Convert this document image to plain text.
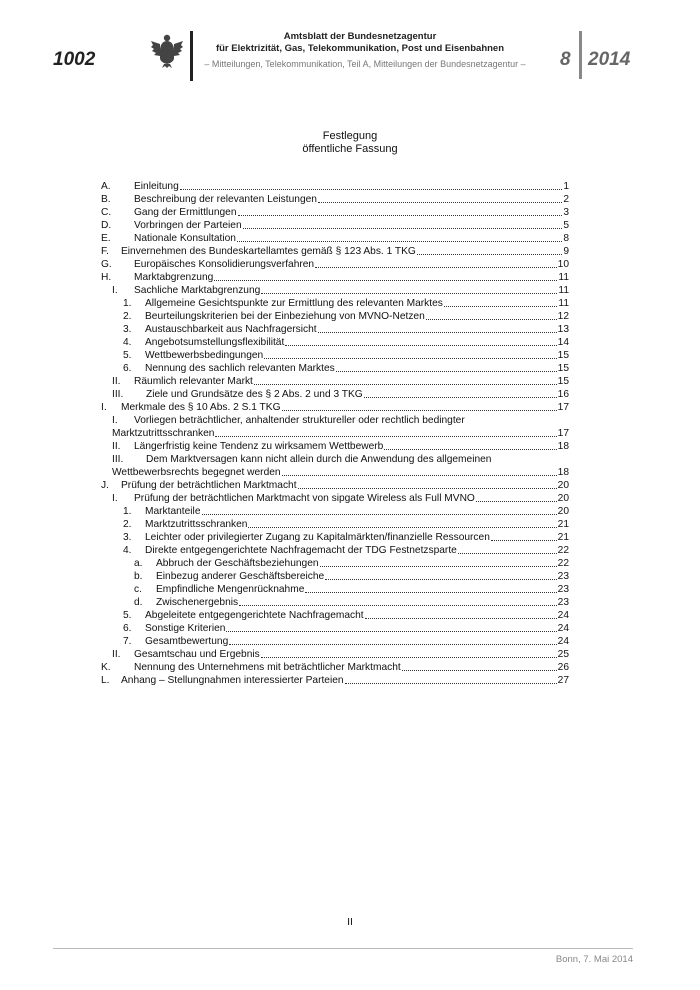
1002
Amtsblatt der Bundesnetzagentur
für Elektrizität, Gas, Telekommunikation, Post und Eisenbahnen
– Mitteilungen, Telekommunikation, Teil A, Mitteilungen der Bundesnetzagentur –	8 2014
Festlegung
öffentliche Fassung
A.	Einleitung	1
B.	Beschreibung der relevanten Leistungen	2
C.	Gang der Ermittlungen	3
D.	Vorbringen der Parteien	5
E.	Nationale Konsultation	8
F.	Einvernehmen des Bundeskartellamtes gemäß § 123 Abs. 1 TKG	9
G.	Europäisches Konsolidierungsverfahren	10
H.	Marktabgrenzung	11
I.	Sachliche Marktabgrenzung	11
1.	Allgemeine Gesichtspunkte zur Ermittlung des relevanten Marktes	11
2.	Beurteilungskriterien bei der Einbeziehung von MVNO-Netzen	12
3.	Austauschbarkeit aus Nachfragersicht	13
4.	Angebotsumstellungsflexibilität	14
5.	Wettbewerbsbedingungen	15
6.	Nennung des sachlich relevanten Marktes	15
II.	Räumlich relevanter Markt	15
III.	Ziele und Grundsätze des § 2 Abs. 2 und 3 TKG	16
I.	Merkmale des § 10 Abs. 2 S.1 TKG	17
I. Vorliegen beträchtlicher, anhaltender struktureller oder rechtlich bedingter
Marktzutrittsschranken	17
II.	Längerfristig keine Tendenz zu wirksamem Wettbewerb	18
III. Dem Marktversagen kann nicht allein durch die Anwendung des allgemeinen
Wettbewerbsrechts begegnet werden	18
J.	Prüfung der beträchtlichen Marktmacht	20
I.	Prüfung der beträchtlichen Marktmacht von sipgate Wireless als Full MVNO	20
1.	Marktanteile	20
2.	Marktzutrittsschranken	21
3.	Leichter oder privilegierter Zugang zu Kapitalmärkten/finanzielle Ressourcen	21
4.	Direkte entgegengerichtete Nachfragemacht der TDG Festnetzsparte	22
a.	Abbruch der Geschäftsbeziehungen	22
b.	Einbezug anderer Geschäftsbereiche	23
c.	Empfindliche Mengenrücknahme	23
d.	Zwischenergebnis	23
5.	Abgeleitete entgegengerichtete Nachfragemacht	24
6.	Sonstige Kriterien	24
7.	Gesamtbewertung	24
II.	Gesamtschau und Ergebnis	25
K.	Nennung des Unternehmens mit beträchtlicher Marktmacht	26
L.	Anhang – Stellungnahmen interessierter Parteien	27
II
Bonn, 7. Mai 2014
